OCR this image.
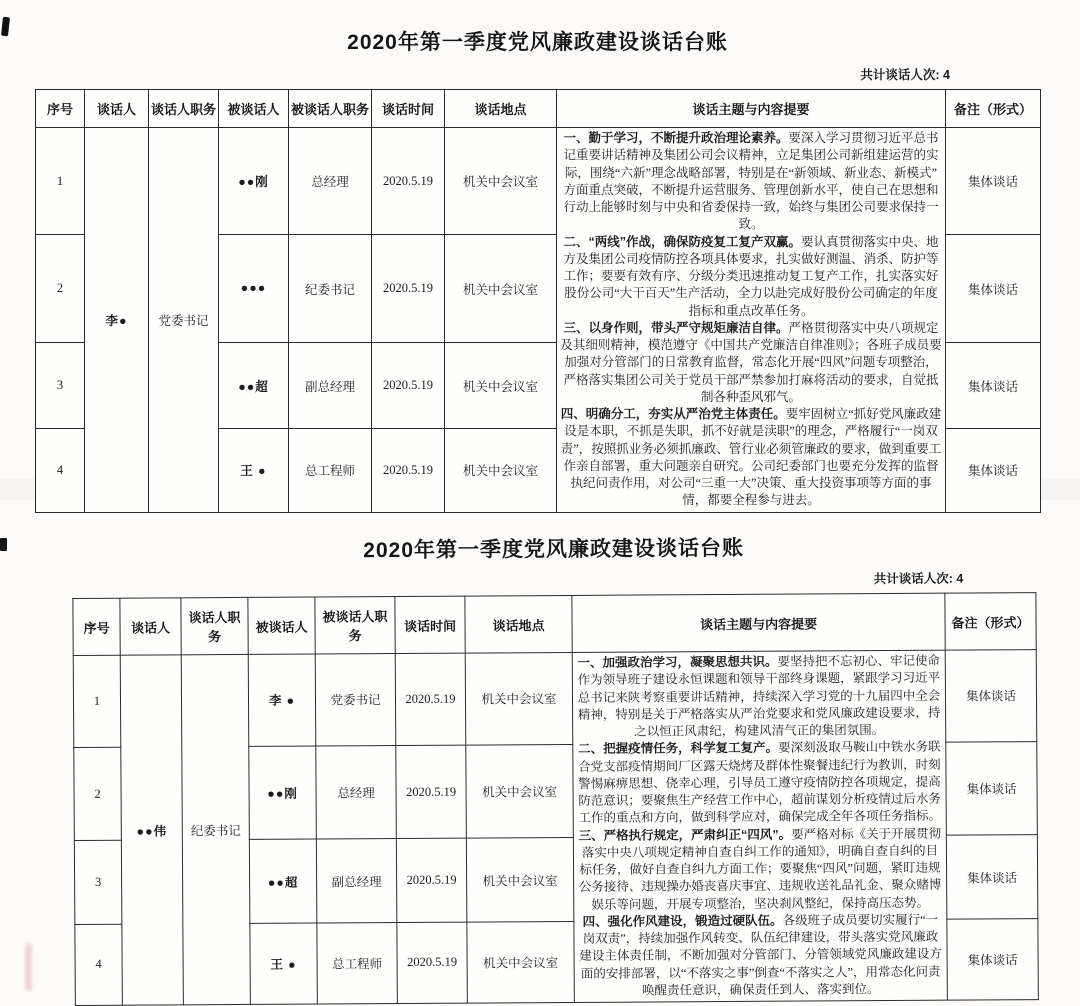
2020年第一季度党风廉政建设谈话台账
共计谈话人次: 4
序号	谈话人	谈话人职务	被谈话人	被谈话人职务	谈话时间	谈话地点	谈话主题与内容提要	备注（形式）
1	李●	党委书记	●●刚	总经理	2020.5.19	机关中会议室	一、勤于学习，不断提升政治理论素养。要深入学习贯彻习近平总书记重要讲话精神及集团公司会议精神，立足集团公司新组建运营的实际，围绕“六新”理念战略部署，特别是在“新领域、新业态、新模式”方面重点突破，不断提升运营服务、管理创新水平，使自己在思想和行动上能够时刻与中央和省委保持一致，始终与集团公司要求保持一致。

二、“两线”作战，确保防疫复工复产双赢。要认真贯彻落实中央、地方及集团公司疫情防控各项具体要求，扎实做好测温、消杀、防护等工作；要要有效有序、分级分类迅速推动复工复产工作，扎实落实好股份公司“大干百天”生产活动，全力以赴完成好股份公司确定的年度指标和重点改革任务。

三、以身作则，带头严守规矩廉洁自律。严格贯彻落实中央八项规定及其细则精神，模范遵守《中国共产党廉洁自律准则》；各班子成员要加强对分管部门的日常教育监督，常态化开展“四风”问题专项整治，严格落实集团公司关于党员干部严禁参加打麻将活动的要求，自觉抵制各种歪风邪气。

四、明确分工，夯实从严治党主体责任。要牢固树立“抓好党风廉政建设是本职，不抓是失职，抓不好就是渎职”的理念，严格履行“一岗双责”，按照抓业务必须抓廉政、管行业必须管廉政的要求，做到重要工作亲自部署，重大问题亲自研究。公司纪委部门也要充分发挥的监督执纪问责作用，对公司“三重一大”决策、重大投资事项等方面的事情，都要全程参与进去。	集体谈话
2			●●●	纪委书记	2020.5.19	机关中会议室		集体谈话
3			●●超	副总经理	2020.5.19	机关中会议室		集体谈话
4			王 ●	总工程师	2020.5.19	机关中会议室		集体谈话
2020年第一季度党风廉政建设谈话台账
共计谈话人次: 4
序号	谈话人	谈话人职务	被谈话人	被谈话人职务	谈话时间	谈话地点	谈话主题与内容提要	备注（形式）
1	●●伟	纪委书记	李 ●	党委书记	2020.5.19	机关中会议室	一、加强政治学习，凝聚思想共识。要坚持把不忘初心、牢记使命作为领导班子建设永恒课题和领导干部终身课题，紧跟学习习近平总书记来陕考察重要讲话精神，持续深入学习党的十九届四中全会精神，特别是关于严格落实从严治党要求和党风廉政建设要求，持之以恒正风肃纪，构建风清气正的集团氛围。

二、把握疫情任务，科学复工复产。要深刻汲取马鞍山中铁水务联合党支部疫情期间厂区露天烧烤及群体性聚餐违纪行为教训，时刻警惕麻痹思想、侥幸心理，引导员工遵守疫情防控各项规定，提高防范意识；要聚焦生产经营工作中心，超前谋划分析疫情过后水务工作的重点和方向，做到科学应对，确保完成全年各项任务指标。

三、严格执行规定，严肃纠正“四风”。要严格对标《关于开展贯彻落实中央八项规定精神自查自纠工作的通知》，明确自查自纠的目标任务，做好自查自纠九方面工作；要聚焦“四风”问题，紧盯违规公务接待、违规操办婚丧喜庆事宜、违规收送礼品礼金、聚众赌博娱乐等问题，开展专项整治，坚决刹风整纪，保持高压态势。

四、强化作风建设，锻造过硬队伍。各级班子成员要切实履行“一岗双责”，持续加强作风转变、队伍纪律建设，带头落实党风廉政建设主体责任制，不断加强对分管部门、分管领域党风廉政建设方面的安排部署，以“不落实之事”倒查“不落实之人”，用常态化问责唤醒责任意识，确保责任到人、落实到位。	集体谈话
2			●●刚	总经理	2020.5.19	机关中会议室		集体谈话
3			●●超	副总经理	2020.5.19	机关中会议室		集体谈话
4			王 ●	总工程师	2020.5.19	机关中会议室		集体谈话
